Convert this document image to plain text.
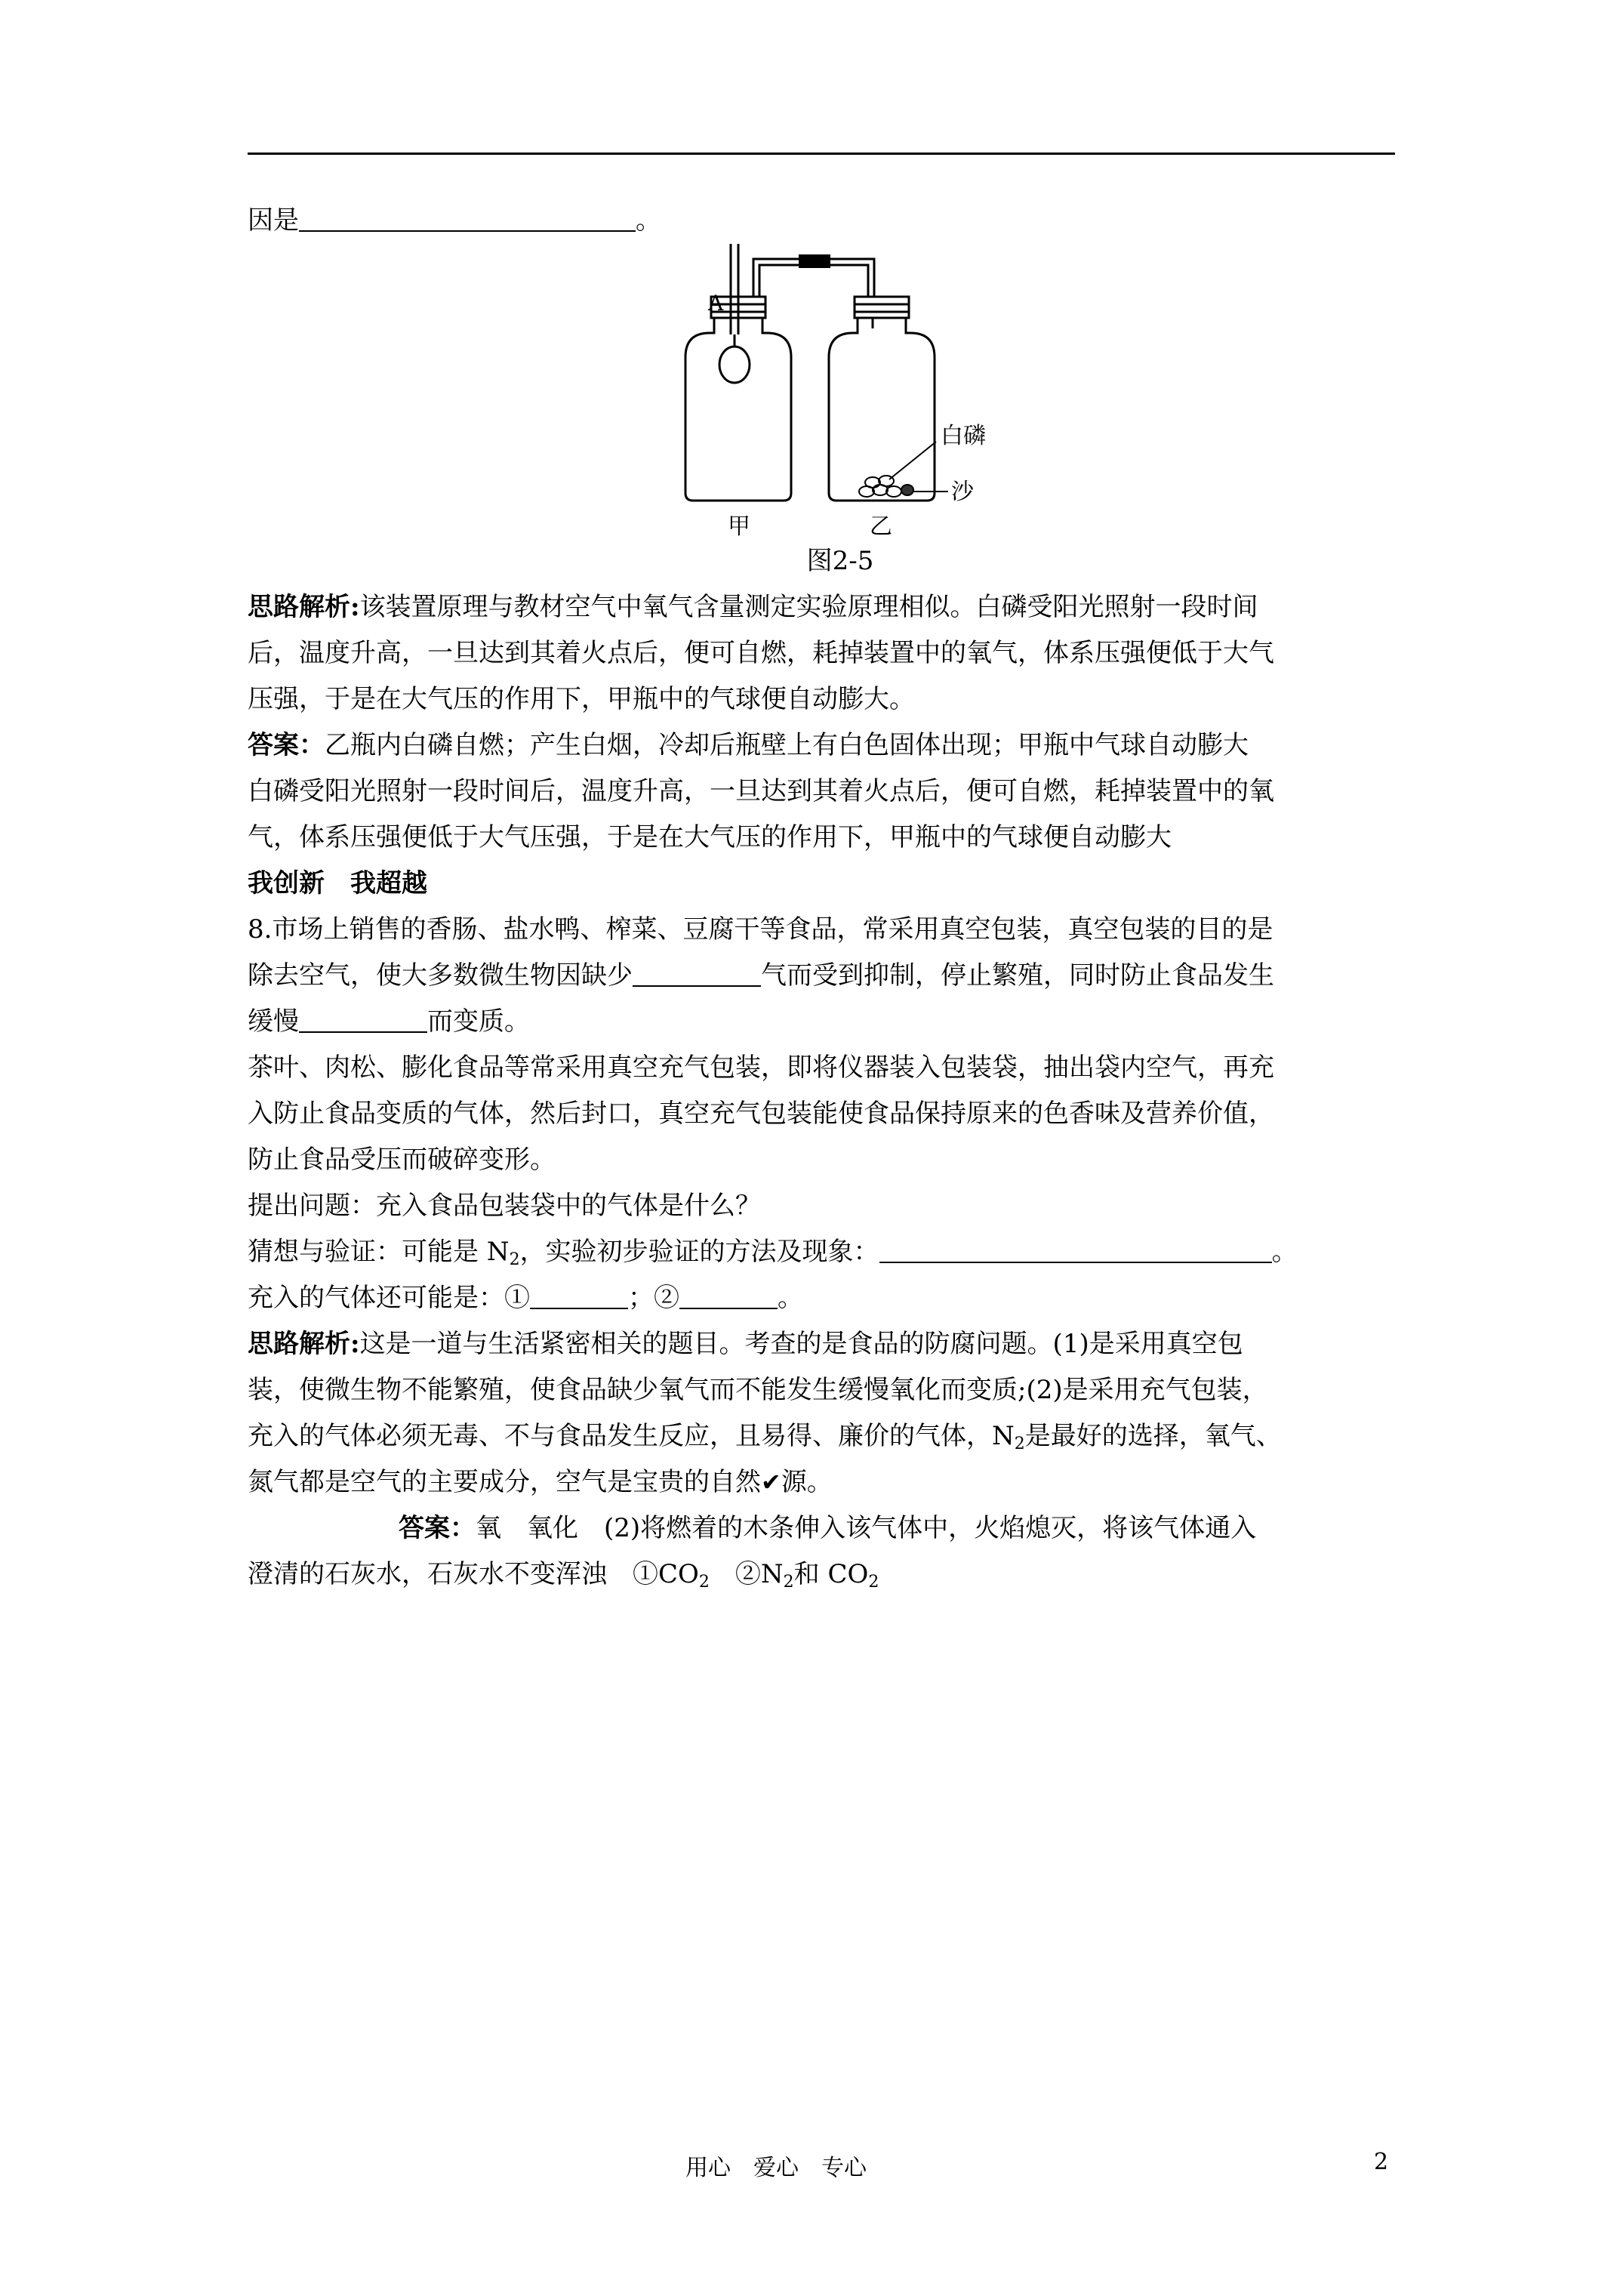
因是	。
白磷
沙
A
甲	乙
图2-5
思路解析:该装置原理与教材空气中氧气含量测定实验原理相似。白磷受阳光照射一段时间
后，温度升高，一旦达到其着火点后，便可自燃，耗掉装置中的氧气，体系压强便低于大气
压强，于是在大气压的作用下，甲瓶中的气球便自动膨大。
答案：乙瓶内白磷自燃；产生白烟，冷却后瓶壁上有白色固体出现；甲瓶中气球自动膨大
白磷受阳光照射一段时间后，温度升高，一旦达到其着火点后，便可自燃，耗掉装置中的氧
气，体系压强便低于大气压强，于是在大气压的作用下，甲瓶中的气球便自动膨大
我创新　我超越
8.市场上销售的香肠、盐水鸭、榨菜、豆腐干等食品，常采用真空包装，真空包装的目的是
除去空气，使大多数微生物因缺少	气而受到抑制，停止繁殖，同时防止食品发生
缓慢	而变质。
茶叶、肉松、膨化食品等常采用真空充气包装，即将仪器装入包装袋，抽出袋内空气，再充
入防止食品变质的气体，然后封口，真空充气包装能使食品保持原来的色香味及营养价值，
防止食品受压而破碎变形。
提出问题：充入食品包装袋中的气体是什么？
猜想与验证：可能是 $N_2$，实验初步验证的方法及现象：	。
充入的气体还可能是：①	；②	。
思路解析:这是一道与生活紧密相关的题目。考查的是食品的防腐问题。(1)是采用真空包
装，使微生物不能繁殖，使食品缺少氧气而不能发生缓慢氧化而变质;(2)是采用充气包装，
充入的气体必须无毒、不与食品发生反应，且易得、廉价的气体，$N_2$是最好的选择，氧气、
氮气都是空气的主要成分，空气是宝贵的自然✔源。
答案：氧　氧化　(2)将燃着的木条伸入该气体中，火焰熄灭，将该气体通入
澄清的石灰水，石灰水不变浑浊　$①CO_2$　$②N_2$和 $CO_2$
用心　爱心　专心	2
